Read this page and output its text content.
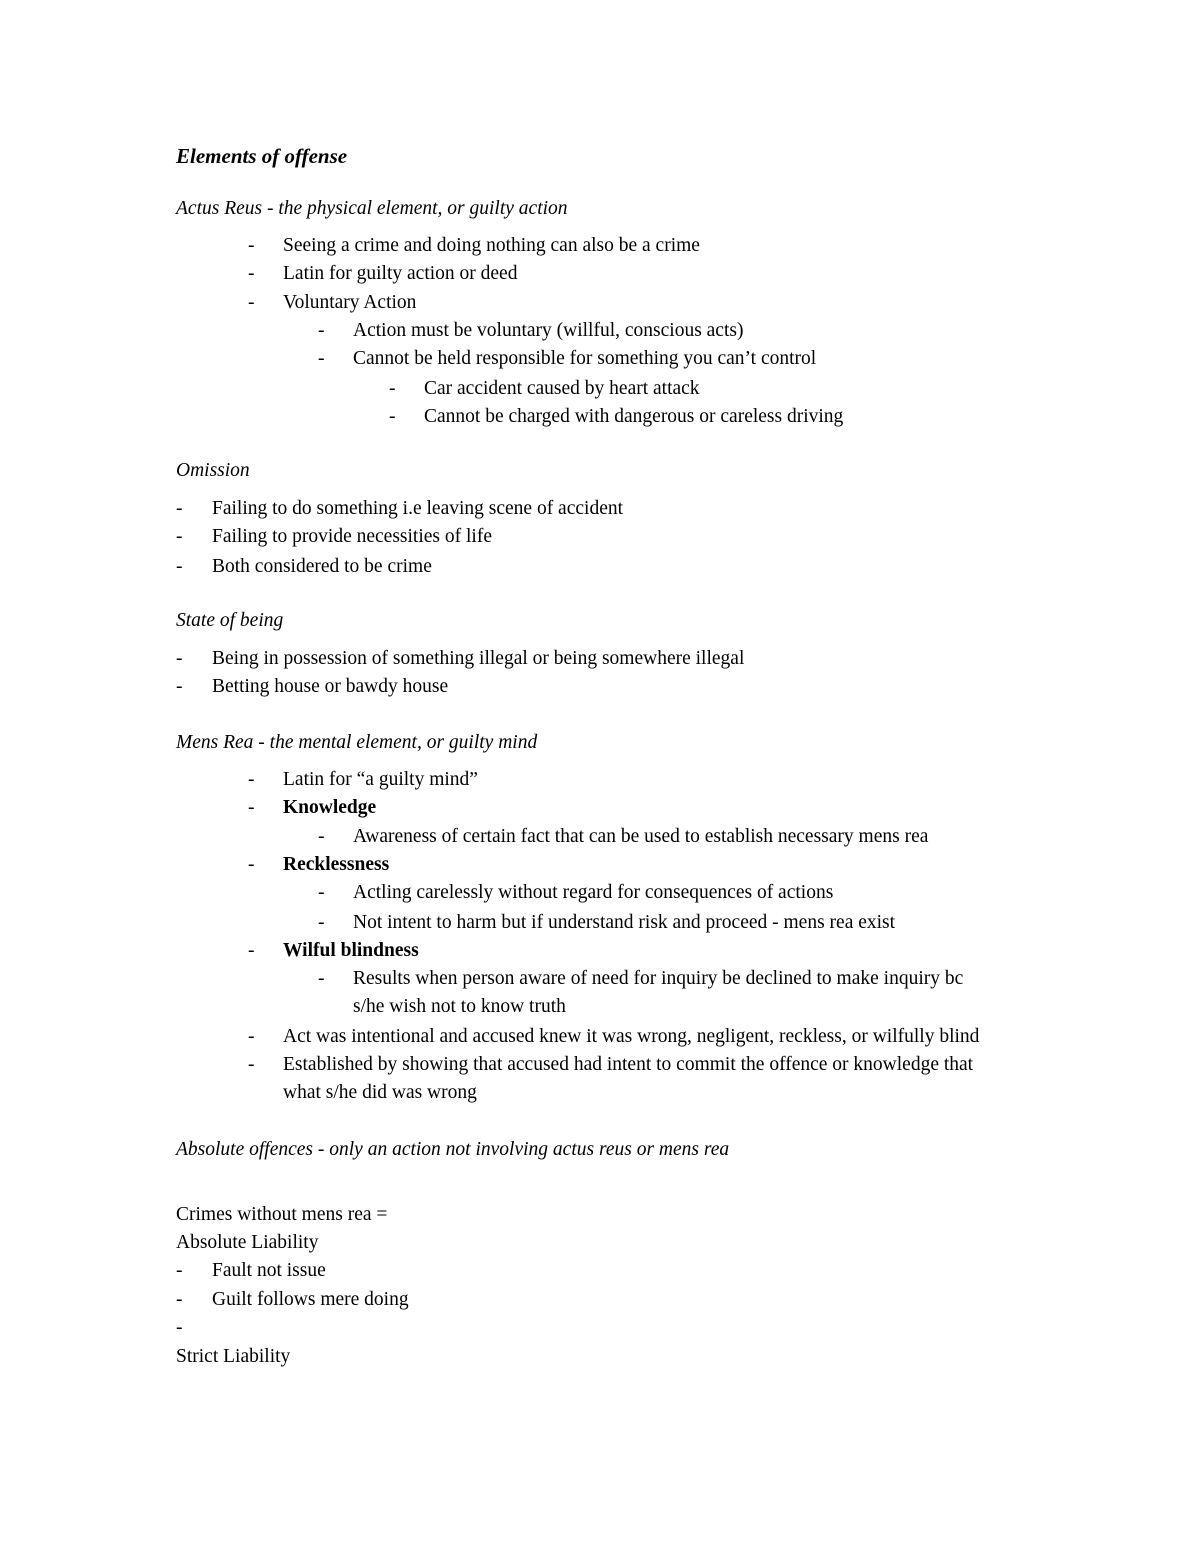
Elements of offense
Actus Reus - the physical element, or guilty action
- Seeing a crime and doing nothing can also be a crime
- Latin for guilty action or deed
- Voluntary Action
- Action must be voluntary (willful, conscious acts)
- Cannot be held responsible for something you can’t control
- Car accident caused by heart attack
- Cannot be charged with dangerous or careless driving
Omission
- Failing to do something i.e leaving scene of accident
- Failing to provide necessities of life
- Both considered to be crime
State of being
- Being in possession of something illegal or being somewhere illegal
- Betting house or bawdy house
Mens Rea - the mental element, or guilty mind
- Latin for “a guilty mind”
- Knowledge
- Awareness of certain fact that can be used to establish necessary mens rea
- Recklessness
- Actling carelessly without regard for consequences of actions
- Not intent to harm but if understand risk and proceed - mens rea exist
- Wilful blindness
- Results when person aware of need for inquiry be declined to make inquiry bc
s/he wish not to know truth
- Act was intentional and accused knew it was wrong, negligent, reckless, or wilfully blind
- Established by showing that accused had intent to commit the offence or knowledge that
what s/he did was wrong
Absolute offences - only an action not involving actus reus or mens rea
Crimes without mens rea =
Absolute Liability
- Fault not issue
- Guilt follows mere doing
-
Strict Liability
